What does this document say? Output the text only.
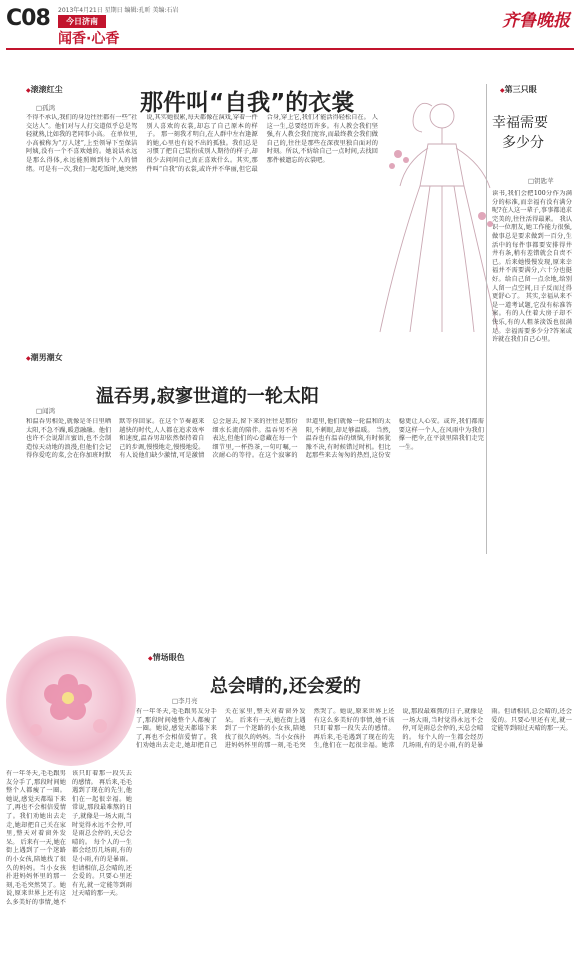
C08 2013年4月21日 星期日 编辑:孔昕 美编:石岩
今日济南
闻香·心香
齐鲁晚报
◆ 滚滚红尘
那件叫“自我”的衣裳
□孤鸿
不得不承认,我们的身边往往都有一些“社交达人”。他们对与人打交道似乎总是驾轻就熟,比如我的老同事小高。 在单位里,小高被称为“万人迷”,上至领导下至保洁阿姨,没有一个不喜欢她的。她说话永远是那么得体,永远能照顾到每个人的情绪。可是有一次,我们一起吃饭时,她突然说,其实她很累,每天都像在演戏,穿着一件别人喜欢的衣裳,却忘了自己原本的样子。 那一刻我才明白,在人群中左右逢源的她,心里也有说不出的孤独。我们总是习惯了把自己装扮成别人期待的样子,却很少去问问自己真正喜欢什么。其实,那件叫“自我”的衣裳,或许并不华丽,但它最合身,穿上它,我们才能活得轻松自在。 人这一生,总要经历许多。有人教会我们坚强,有人教会我们宽容,而最终教会我们做自己的,往往是那些在深夜里独自面对的时刻。所以,不妨给自己一点时间,去找回那件被遗忘的衣裳吧。
◆ 第三只眼
幸福需要
多少分
□钥匙苹
读书,我们会把100分作为满分的标准,而幸福有没有满分呢?在人这一辈子,事事都追求完美的,往往活得最累。 我认识一位朋友,她工作能力很强,做事总是要求做到一百分,生活中的每件事都要安排得井井有条,稍有差错就会自责不已。后来她慢慢发现,原来幸福并不需要满分,六十分也挺好。给自己留一点余地,给别人留一点空间,日子反而过得更舒心了。 其实,幸福从来不是一道考试题,它没有标准答案。有的人住着大房子却不快乐,有的人粗茶淡饭也很满足。幸福需要多少分?答案或许就在我们自己心里。
◆ 潮男潮女
温吞男,寂寥世道的一轮太阳
□闻鸿
和温吞男相处,就像是冬日里晒太阳,不急不躁,暖意融融。他们也许不会说甜言蜜语,也不会制造惊天动地的浪漫,但他们会记得你爱吃的菜,会在你加班时默默等你回家。在这个节奏越来越快的时代,人人都在追求效率和速度,温吞男却依然保持着自己的步调,慢慢地走,慢慢地爱。有人说他们缺少激情,可是激情总会退去,留下来的往往是那份细水长流的陪伴。温吞男不善表达,但他们的心意藏在每一个细节里,一杯热茶,一句叮嘱,一次耐心的等待。在这个寂寥的世道里,他们就像一轮温和的太阳,不刺眼,却足够温暖。 当然,温吞也有温吞的烦恼,有时候犹豫不决,有时候错过时机。但比起那些来去匆匆的热烈,这份安稳更让人心安。或许,我们都需要这样一个人,在风雨中为我们撑一把伞,在平淡里陪我们走完一生。
◆ 情场眼色
总会晴的,还会爱的
□李月亮
有一年冬天,毛毛跟男友分手了,那段时间她整个人都瘦了一圈。她说,感觉天都塌下来了,再也不会相信爱情了。我们劝她出去走走,她却把自己关在家里,整天对着窗外发呆。 后来有一天,她在街上遇到了一个迷路的小女孩,陪她找了很久的妈妈。当小女孩扑进妈妈怀里的那一刻,毛毛突然哭了。她说,原来世界上还有这么多美好的事情,她不该只盯着那一段失去的感情。 再后来,毛毛遇到了现在的先生,他们在一起很幸福。她常说,那段最难熬的日子,就像是一场大雨,当时觉得永远不会停,可是雨总会停的,天总会晴的。 每个人的一生都会经历几场雨,有的是小雨,有的是暴雨。但请相信,总会晴的,还会爱的。只要心里还有光,就一定能等到雨过天晴的那一天。
有一年冬天,毛毛跟男友分手了,那段时间她整个人都瘦了一圈。她说,感觉天都塌下来了,再也不会相信爱情了。我们劝她出去走走,她却把自己关在家里,整天对着窗外发呆。 后来有一天,她在街上遇到了一个迷路的小女孩,陪她找了很久的妈妈。当小女孩扑进妈妈怀里的那一刻,毛毛突然哭了。她说,原来世界上还有这么多美好的事情,她不该只盯着那一段失去的感情。 再后来,毛毛遇到了现在的先生,他们在一起很幸福。她常说,那段最难熬的日子,就像是一场大雨,当时觉得永远不会停,可是雨总会停的,天总会晴的。 每个人的一生都会经历几场雨,有的是小雨,有的是暴雨。但请相信,总会晴的,还会爱的。只要心里还有光,就一定能等到雨过天晴的那一天。
